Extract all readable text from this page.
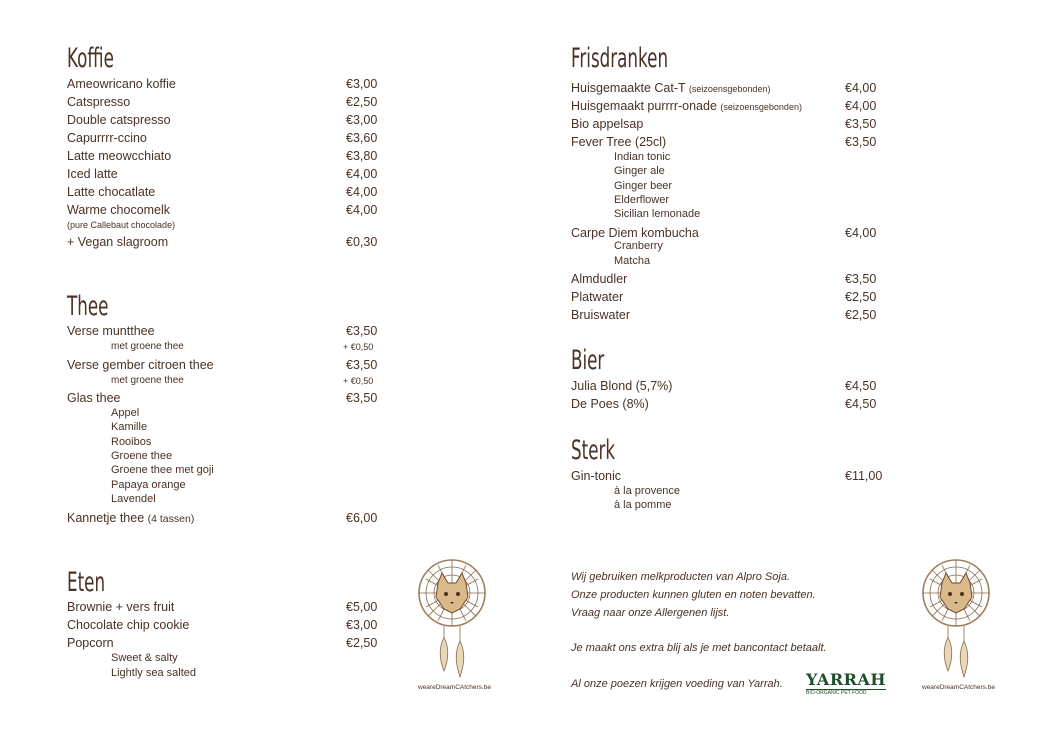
Koffie
Ameowricano koffie	€3,00
Catspresso	€2,50
Double catspresso	€3,00
Capurrrr-ccino	€3,60
Latte meowcchiato	€3,80
Iced latte	€4,00
Latte chocatlate	€4,00
Warme chocomelk	€4,00
(pure Callebaut chocolade)
+ Vegan slagroom	€0,30
Thee
Verse muntthee	€3,50
met groene thee	+ €0,50
Verse gember citroen thee	€3,50
met groene thee	+ €0,50
Glas thee	€3,50
Appel
Kamille
Rooibos
Groene thee
Groene thee met goji
Papaya orange
Lavendel
Kannetje thee (4 tassen)	€6,00
Eten
Brownie + vers fruit	€5,00
Chocolate chip cookie	€3,00
Popcorn	€2,50
Sweet & salty
Lightly sea salted
weareDreamCAtchers.be
Frisdranken
Huisgemaakte Cat-T (seizoensgebonden)	€4,00
Huisgemaakt purrrr-onade (seizoensgebonden)	€4,00
Bio appelsap	€3,50
Fever Tree (25cl)	€3,50
Indian tonic
Ginger ale
Ginger beer
Elderflower
Sicilian lemonade
Carpe Diem kombucha	€4,00
Cranberry
Matcha
Almdudler	€3,50
Platwater	€2,50
Bruiswater	€2,50
Bier
Julia Blond (5,7%)	€4,50
De Poes (8%)	€4,50
Sterk
Gin-tonic	€11,00
à la provence
à la pomme
Wij gebruiken melkproducten van Alpro Soja.
Onze producten kunnen gluten en noten bevatten.
Vraag naar onze Allergenen lijst.
Je maakt ons extra blij als je met bancontact betaalt.
Al onze poezen krijgen voeding van Yarrah. YARRAH
BIO-ORGANIC PET FOOD
weareDreamCAtchers.be
